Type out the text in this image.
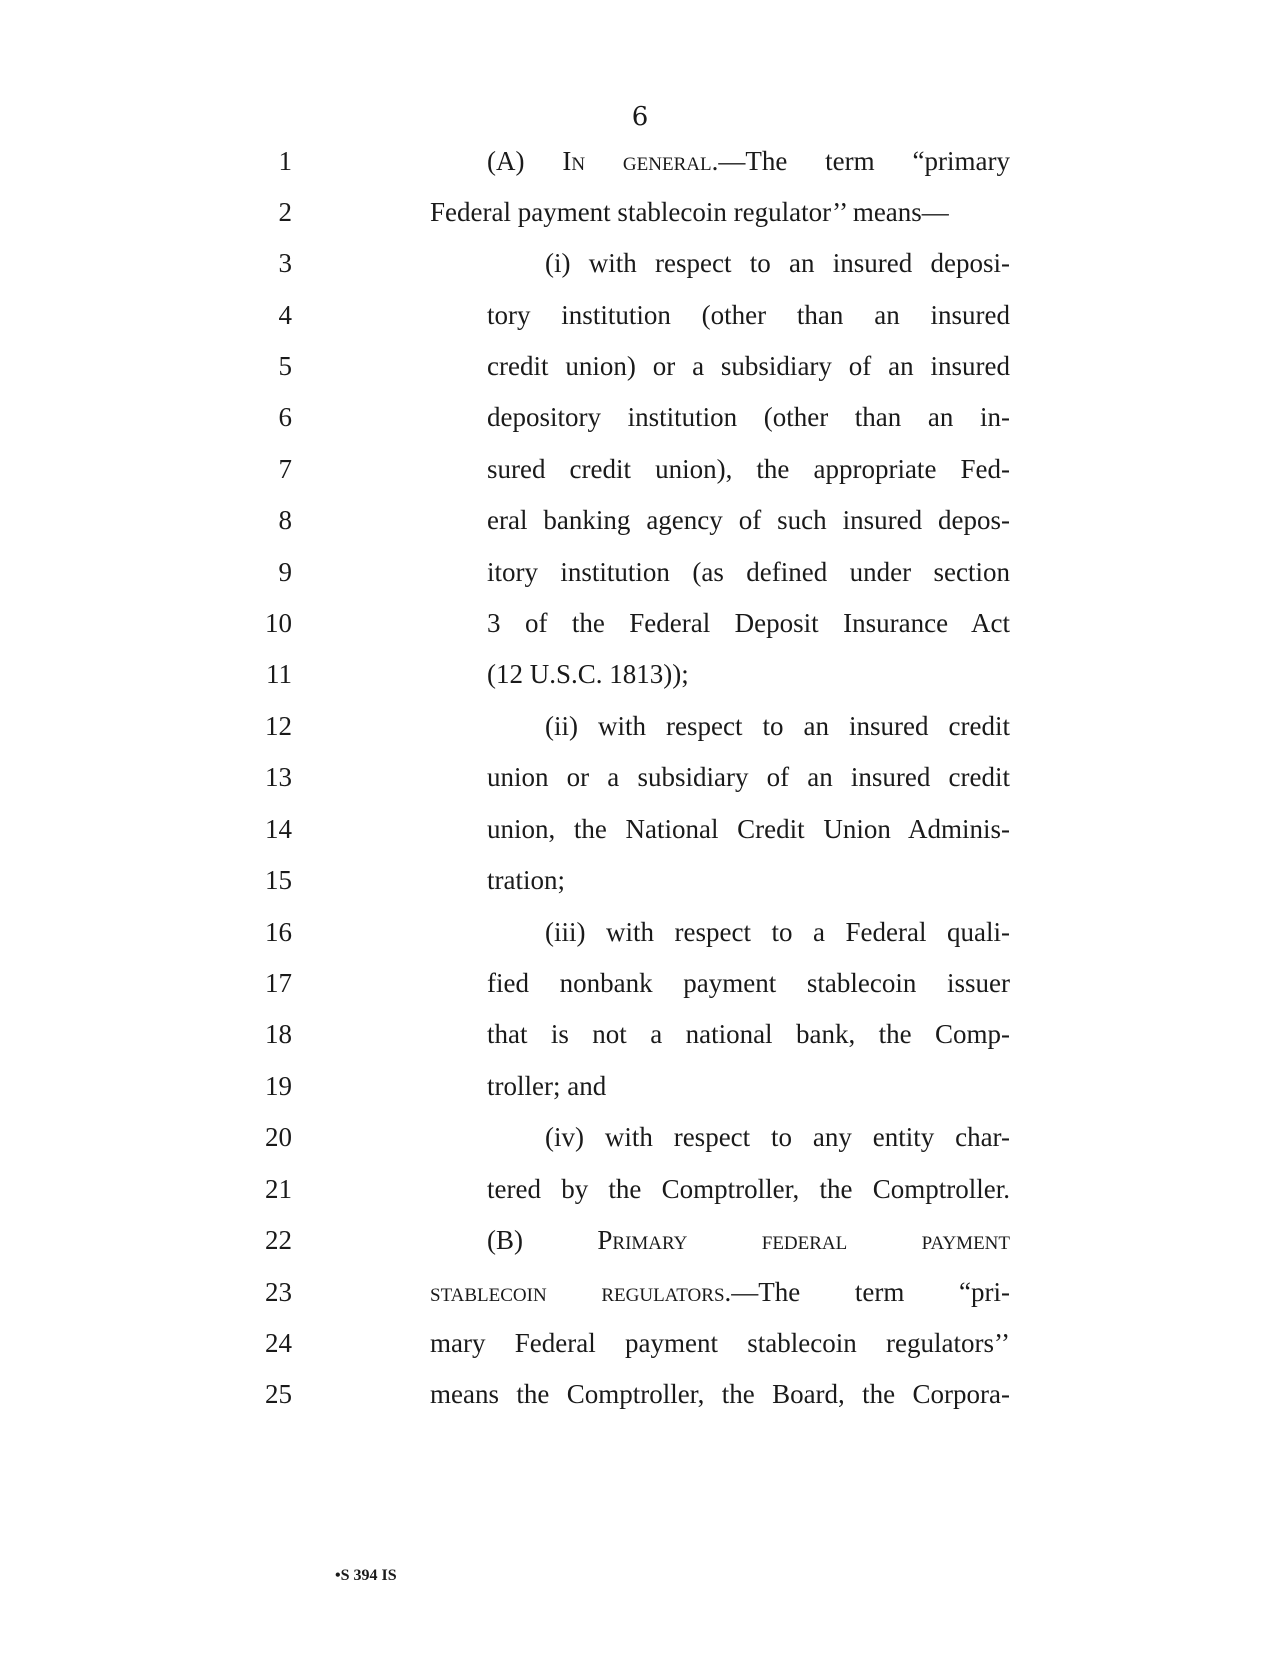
6
1
2
3
4
5
6
7
8
9
10
11
12
13
14
15
16
17
18
19
20
21
22
23
24
25
(A) In general.—The term “primary
Federal payment stablecoin regulator’’ means—
(i) with respect to an insured deposi-
tory institution (other than an insured
credit union) or a subsidiary of an insured
depository institution (other than an in-
sured credit union), the appropriate Fed-
eral banking agency of such insured depos-
itory institution (as defined under section
3 of the Federal Deposit Insurance Act
(12 U.S.C. 1813));
(ii) with respect to an insured credit
union or a subsidiary of an insured credit
union, the National Credit Union Adminis-
tration;
(iii) with respect to a Federal quali-
fied nonbank payment stablecoin issuer
that is not a national bank, the Comp-
troller; and
(iv) with respect to any entity char-
tered by the Comptroller, the Comptroller.
(B) Primary federal payment
stablecoin regulators.—The term “pri-
mary Federal payment stablecoin regulators’’
means the Comptroller, the Board, the Corpora-
•S 394 IS
